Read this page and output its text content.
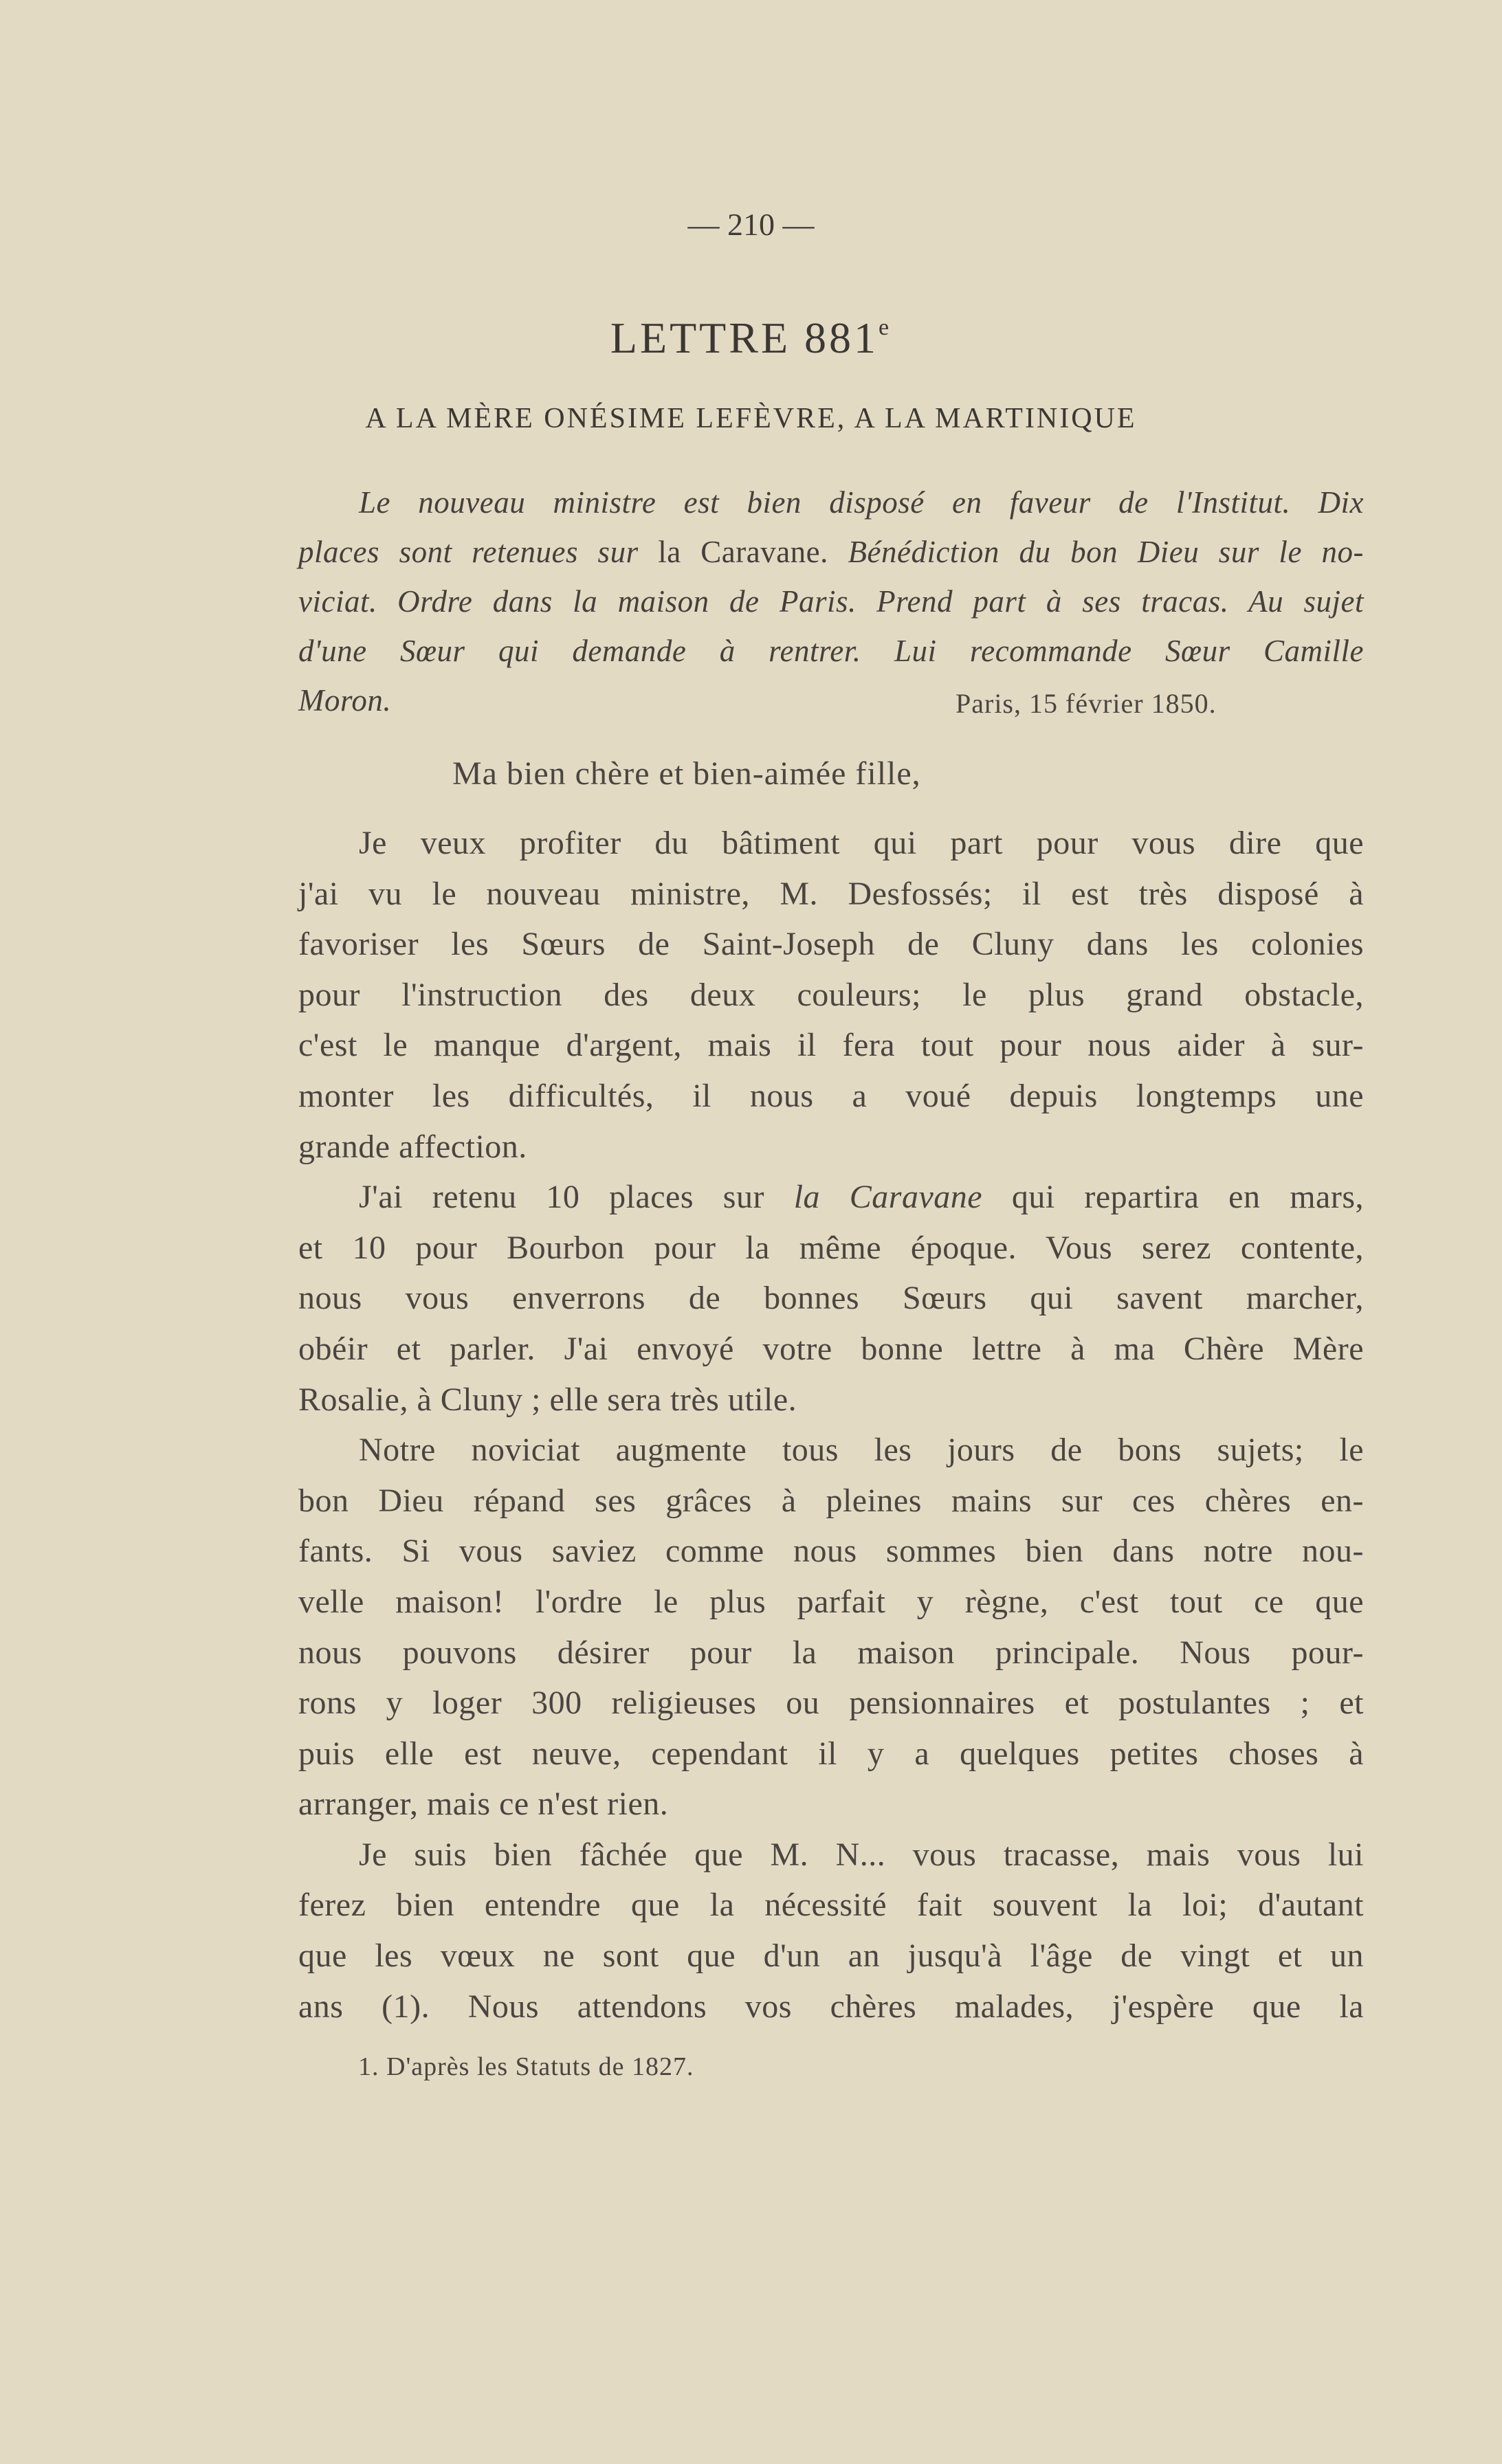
— 210 —
LETTRE 881e
A LA MÈRE ONÉSIME LEFÈVRE, A LA MARTINIQUE
Le nouveau ministre est bien disposé en faveur de l'Institut. Dix
places sont retenues sur la Caravane. Bénédiction du bon Dieu sur le no-
viciat. Ordre dans la maison de Paris. Prend part à ses tracas. Au sujet
d'une Sœur qui demande à rentrer. Lui recommande Sœur Camille
Moron.	Paris, 15 février 1850.
Ma bien chère et bien-aimée fille,
Je veux profiter du bâtiment qui part pour vous dire que
j'ai vu le nouveau ministre, M. Desfossés; il est très disposé à
favoriser les Sœurs de Saint-Joseph de Cluny dans les colonies
pour l'instruction des deux couleurs; le plus grand obstacle,
c'est le manque d'argent, mais il fera tout pour nous aider à sur-
monter les difficultés, il nous a voué depuis longtemps une
grande affection.
J'ai retenu 10 places sur la Caravane qui repartira en mars,
et 10 pour Bourbon pour la même époque. Vous serez contente,
nous vous enverrons de bonnes Sœurs qui savent marcher,
obéir et parler. J'ai envoyé votre bonne lettre à ma Chère Mère
Rosalie, à Cluny ; elle sera très utile.
Notre noviciat augmente tous les jours de bons sujets; le
bon Dieu répand ses grâces à pleines mains sur ces chères en-
fants. Si vous saviez comme nous sommes bien dans notre nou-
velle maison! l'ordre le plus parfait y règne, c'est tout ce que
nous pouvons désirer pour la maison principale. Nous pour-
rons y loger 300 religieuses ou pensionnaires et postulantes ; et
puis elle est neuve, cependant il y a quelques petites choses à
arranger, mais ce n'est rien.
Je suis bien fâchée que M. N... vous tracasse, mais vous lui
ferez bien entendre que la nécessité fait souvent la loi; d'autant
que les vœux ne sont que d'un an jusqu'à l'âge de vingt et un
ans (1). Nous attendons vos chères malades, j'espère que la
1. D'après les Statuts de 1827.
